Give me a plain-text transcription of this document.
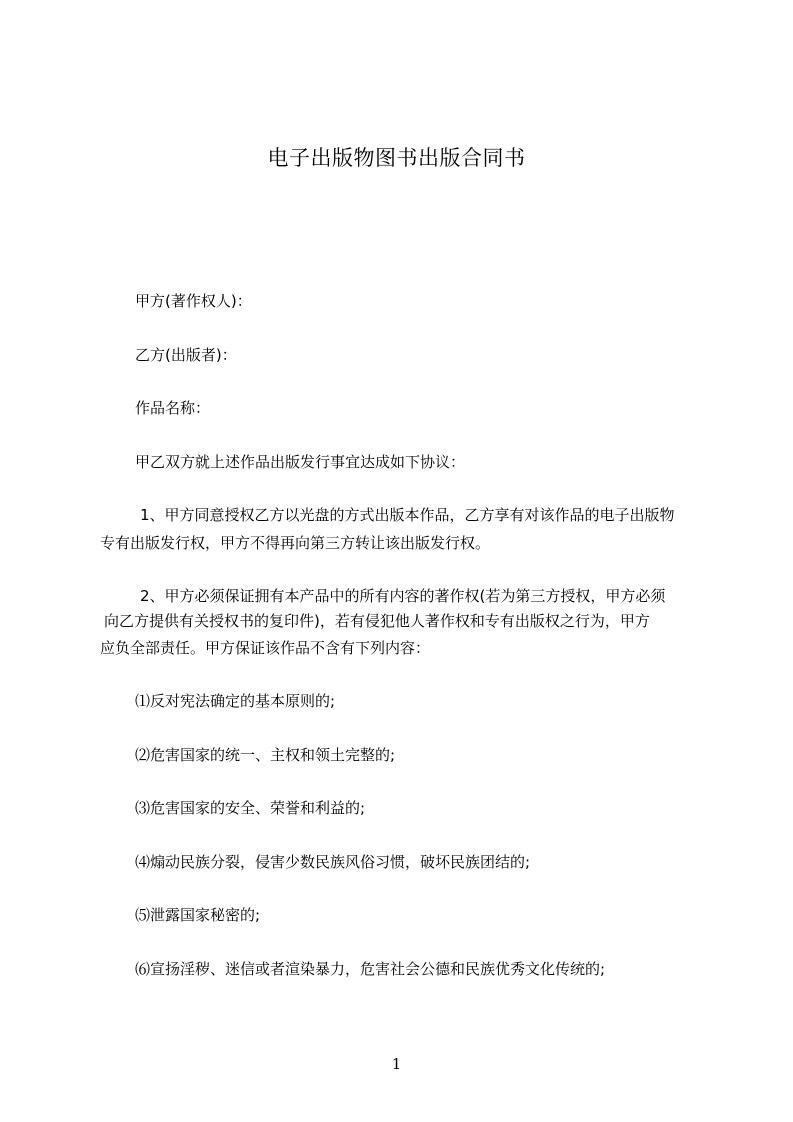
电子出版物图书出版合同书
甲方(著作权人)：
乙方(出版者)：
作品名称：
甲乙双方就上述作品出版发行事宜达成如下协议：
1、甲方同意授权乙方以光盘的方式出版本作品，乙方享有对该作品的电子出版物
专有出版发行权，甲方不得再向第三方转让该出版发行权。
2、甲方必须保证拥有本产品中的所有内容的著作权(若为第三方授权，甲方必须
向乙方提供有关授权书的复印件)，若有侵犯他人著作权和专有出版权之行为，甲方
应负全部责任。甲方保证该作品不含有下列内容：
⑴反对宪法确定的基本原则的;
⑵危害国家的统一、主权和领土完整的;
⑶危害国家的安全、荣誉和利益的;
⑷煽动民族分裂，侵害少数民族风俗习惯，破坏民族团结的;
⑸泄露国家秘密的;
⑹宣扬淫秽、迷信或者渲染暴力，危害社会公德和民族优秀文化传统的;
1
